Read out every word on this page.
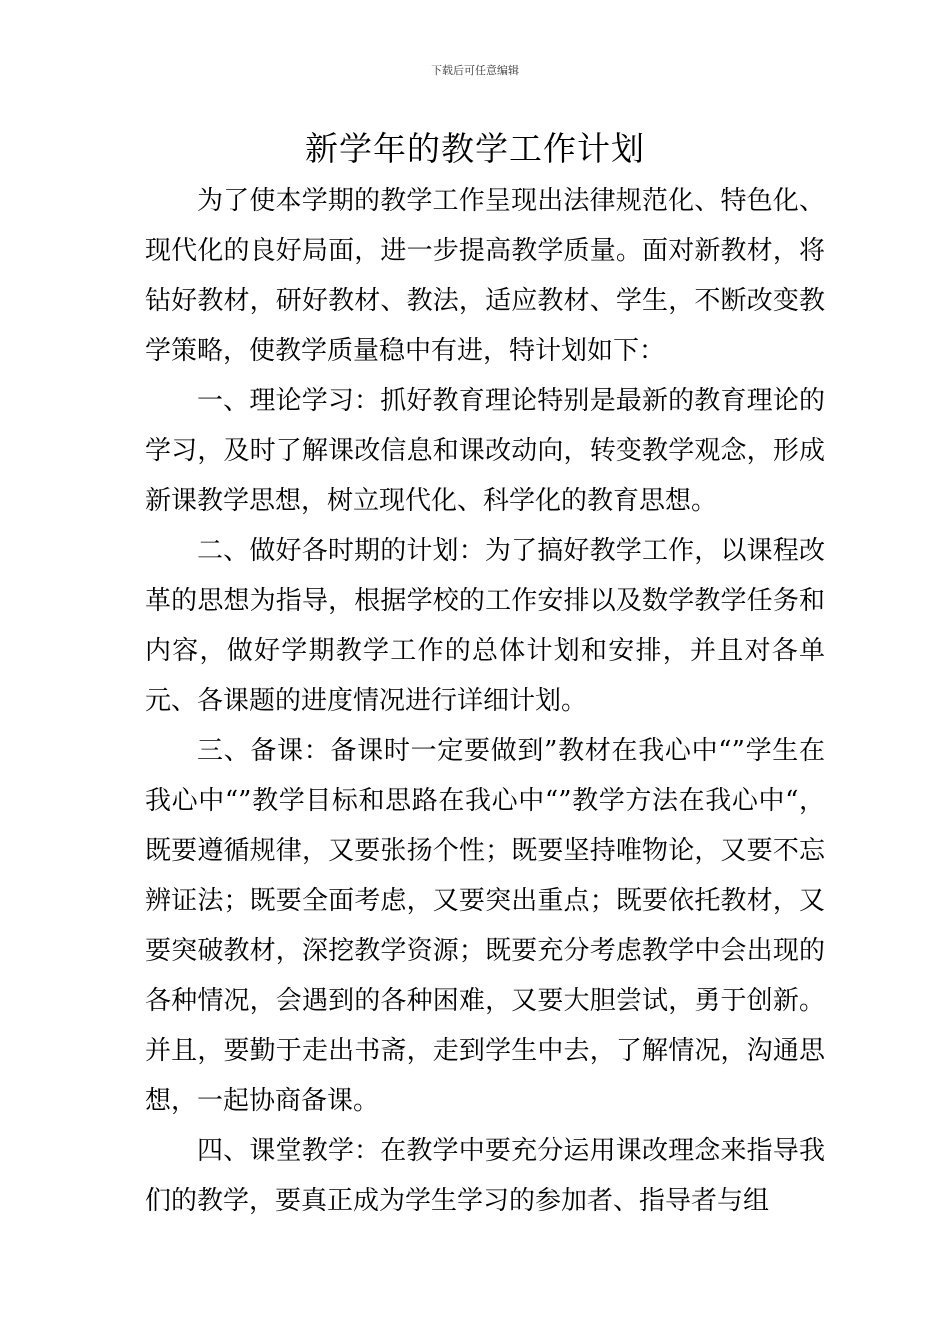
下载后可任意编辑
新学年的教学工作计划

为了使本学期的教学工作呈现出法律规范化、特色化、现代化的良好局面，进一步提高教学质量。面对新教材，将钻好教材，研好教材、教法，适应教材、学生，不断改变教学策略，使教学质量稳中有进，特计划如下：

一、理论学习：抓好教育理论特别是最新的教育理论的学习，及时了解课改信息和课改动向，转变教学观念，形成新课教学思想，树立现代化、科学化的教育思想。

二、做好各时期的计划：为了搞好教学工作，以课程改革的思想为指导，根据学校的工作安排以及数学教学任务和内容，做好学期教学工作的总体计划和安排，并且对各单元、各课题的进度情况进行详细计划。

三、备课：备课时一定要做到”教材在我心中“”学生在我心中“”教学目标和思路在我心中“”教学方法在我心中“，既要遵循规律，又要张扬个性；既要坚持唯物论，又要不忘辨证法；既要全面考虑，又要突出重点；既要依托教材，又要突破教材，深挖教学资源；既要充分考虑教学中会出现的各种情况，会遇到的各种困难，又要大胆尝试，勇于创新。并且，要勤于走出书斋，走到学生中去，了解情况，沟通思想，一起协商备课。

四、课堂教学：在教学中要充分运用课改理念来指导我们的教学，要真正成为学生学习的参加者、指导者与组
